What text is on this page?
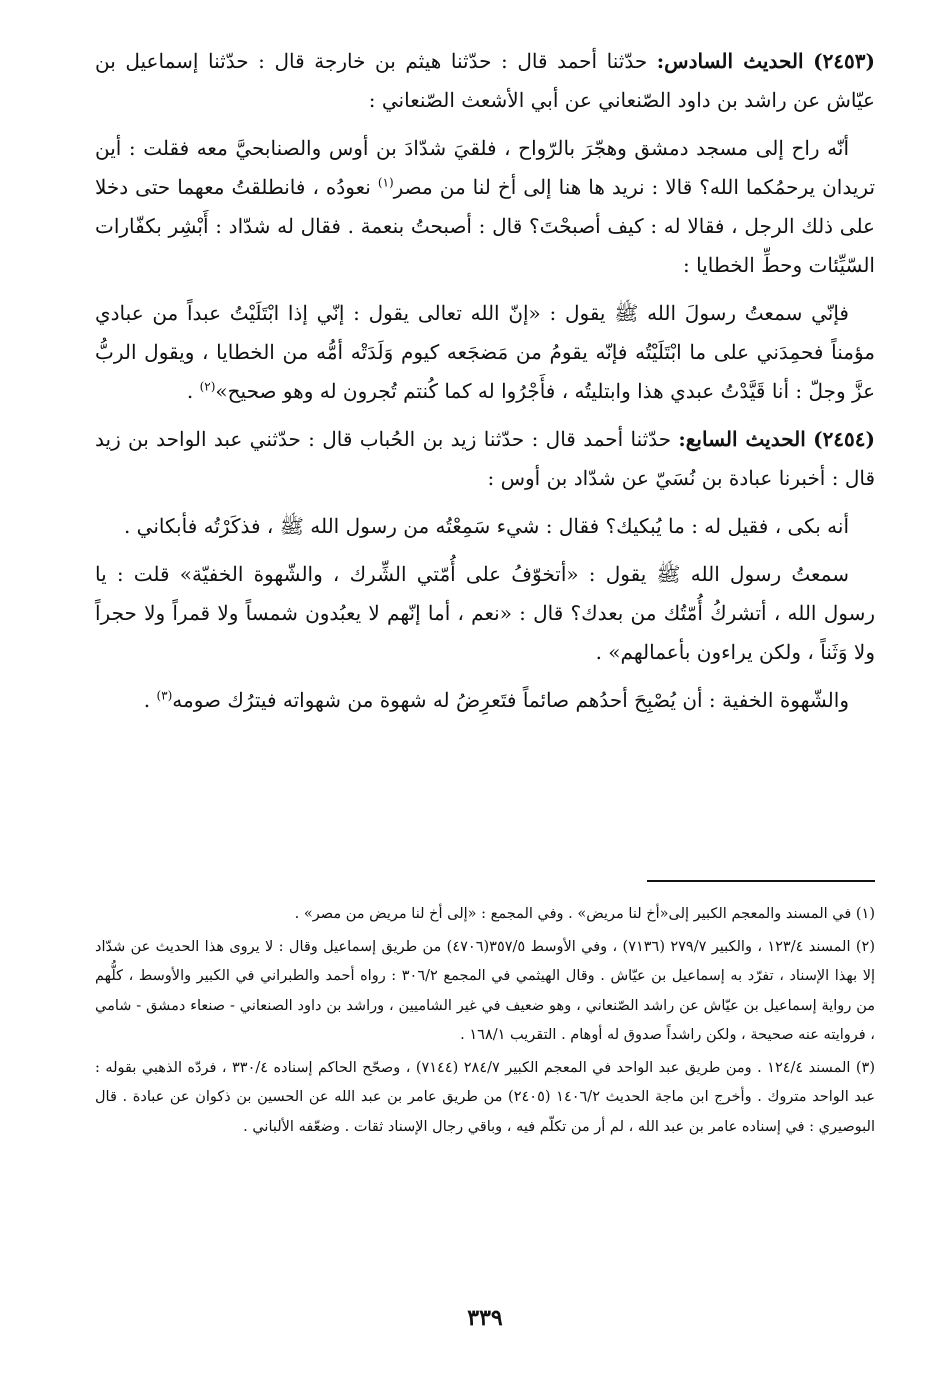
(٢٤٥٣) الحديث السادس: حدّثنا أحمد قال : حدّثنا هيثم بن خارجة قال : حدّثنا إسماعيل بن عيّاش عن راشد بن داود الصّنعاني عن أبي الأشعث الصّنعاني :

أنّه راح إلى مسجد دمشق وهجّرَ بالرّواح ، فلقيَ شدّادَ بن أوس والصنابحيَّ معه فقلت : أين تريدان يرحمُكما الله؟ قالا : نريد ها هنا إلى أخ لنا من مصر$^{(١)}$ نعودُه ، فانطلقتُ معهما حتى دخلا على ذلك الرجل ، فقالا له : كيف أصبحْتَ؟ قال : أصبحتُ بنعمة . فقال له شدّاد : أَبْشِر بكفّارات السّيِّئات وحطِّ الخطايا :

فإنّي سمعتُ رسولَ الله ﷺ يقول : «إنّ الله تعالى يقول : إنّي إذا ابْتَلَيْتُ عبداً من عبادي مؤمناً فحمِدَني على ما ابْتَلَيْتُه فإنّه يقومُ من مَضجَعه كيوم وَلَدَتْه أمُّه من الخطايا ، ويقول الربُّ عزَّ وجلّ : أنا قَيَّدْتُ عبدي هذا وابتليتُه ، فأَجْرُوا له كما كُنتم تُجرون له وهو صحيح»$^{(٢)}$ .

(٢٤٥٤) الحديث السابع: حدّثنا أحمد قال : حدّثنا زيد بن الحُباب قال : حدّثني عبد الواحد بن زيد قال : أخبرنا عبادة بن نُسَيّ عن شدّاد بن أوس :

أنه بكى ، فقيل له : ما يُبكيك؟ فقال : شيء سَمِعْتُه من رسول الله ﷺ ، فذكَرْتُه فأبكاني .

سمعتُ رسول الله ﷺ يقول : «أتخوّفُ على أُمّتي الشِّرك ، والشّهوة الخفيّة» قلت : يا رسول الله ، أتشركُ أُمّتُك من بعدك؟ قال : «نعم ، أما إنّهم لا يعبُدون شمساً ولا قمراً ولا حجراً ولا وَثَناً ، ولكن يراءون بأعمالهم» .

والشّهوة الخفية : أن يُصْبِحَ أحدُهم صائماً فتَعرِضُ له شهوة من شهواته فيترُك صومه$^{(٣)}$ .

(١) في المسند والمعجم الكبير إلى«أخ لنا مريض» . وفي المجمع : «إلى أخ لنا مريض من مصر» .

(٢) المسند ١٢٣/٤ ، والكبير ٢٧٩/٧ (٧١٣٦) ، وفي الأوسط ٣٥٧/٥(٤٧٠٦) من طريق إسماعيل وقال : لا يروى هذا الحديث عن شدّاد إلا بهذا الإسناد ، تفرّد به إسماعيل بن عيّاش . وقال الهيثمي في المجمع ٣٠٦/٢ : رواه أحمد والطبراني في الكبير والأوسط ، كلُّهم من رواية إسماعيل بن عيّاش عن راشد الصّنعاني ، وهو ضعيف في غير الشاميين ، وراشد بن داود الصنعاني - صنعاء دمشق - شامي ، فروايته عنه صحيحة ، ولكن راشداً صدوق له أوهام . التقريب ١٦٨/١ .

(٣) المسند ١٢٤/٤ . ومن طريق عبد الواحد في المعجم الكبير ٢٨٤/٧ (٧١٤٤) ، وصحّح الحاكم إسناده ٣٣٠/٤ ، فردّه الذهبي بقوله : عبد الواحد متروك . وأخرج ابن ماجة الحديث ١٤٠٦/٢ (٢٤٠٥) من طريق عامر بن عبد الله عن الحسين بن ذكوان عن عبادة . قال البوصيري : في إسناده عامر بن عبد الله ، لم أر من تكلّم فيه ، وباقي رجال الإسناد ثقات . وضعّفه الألباني .

٣٣٩
